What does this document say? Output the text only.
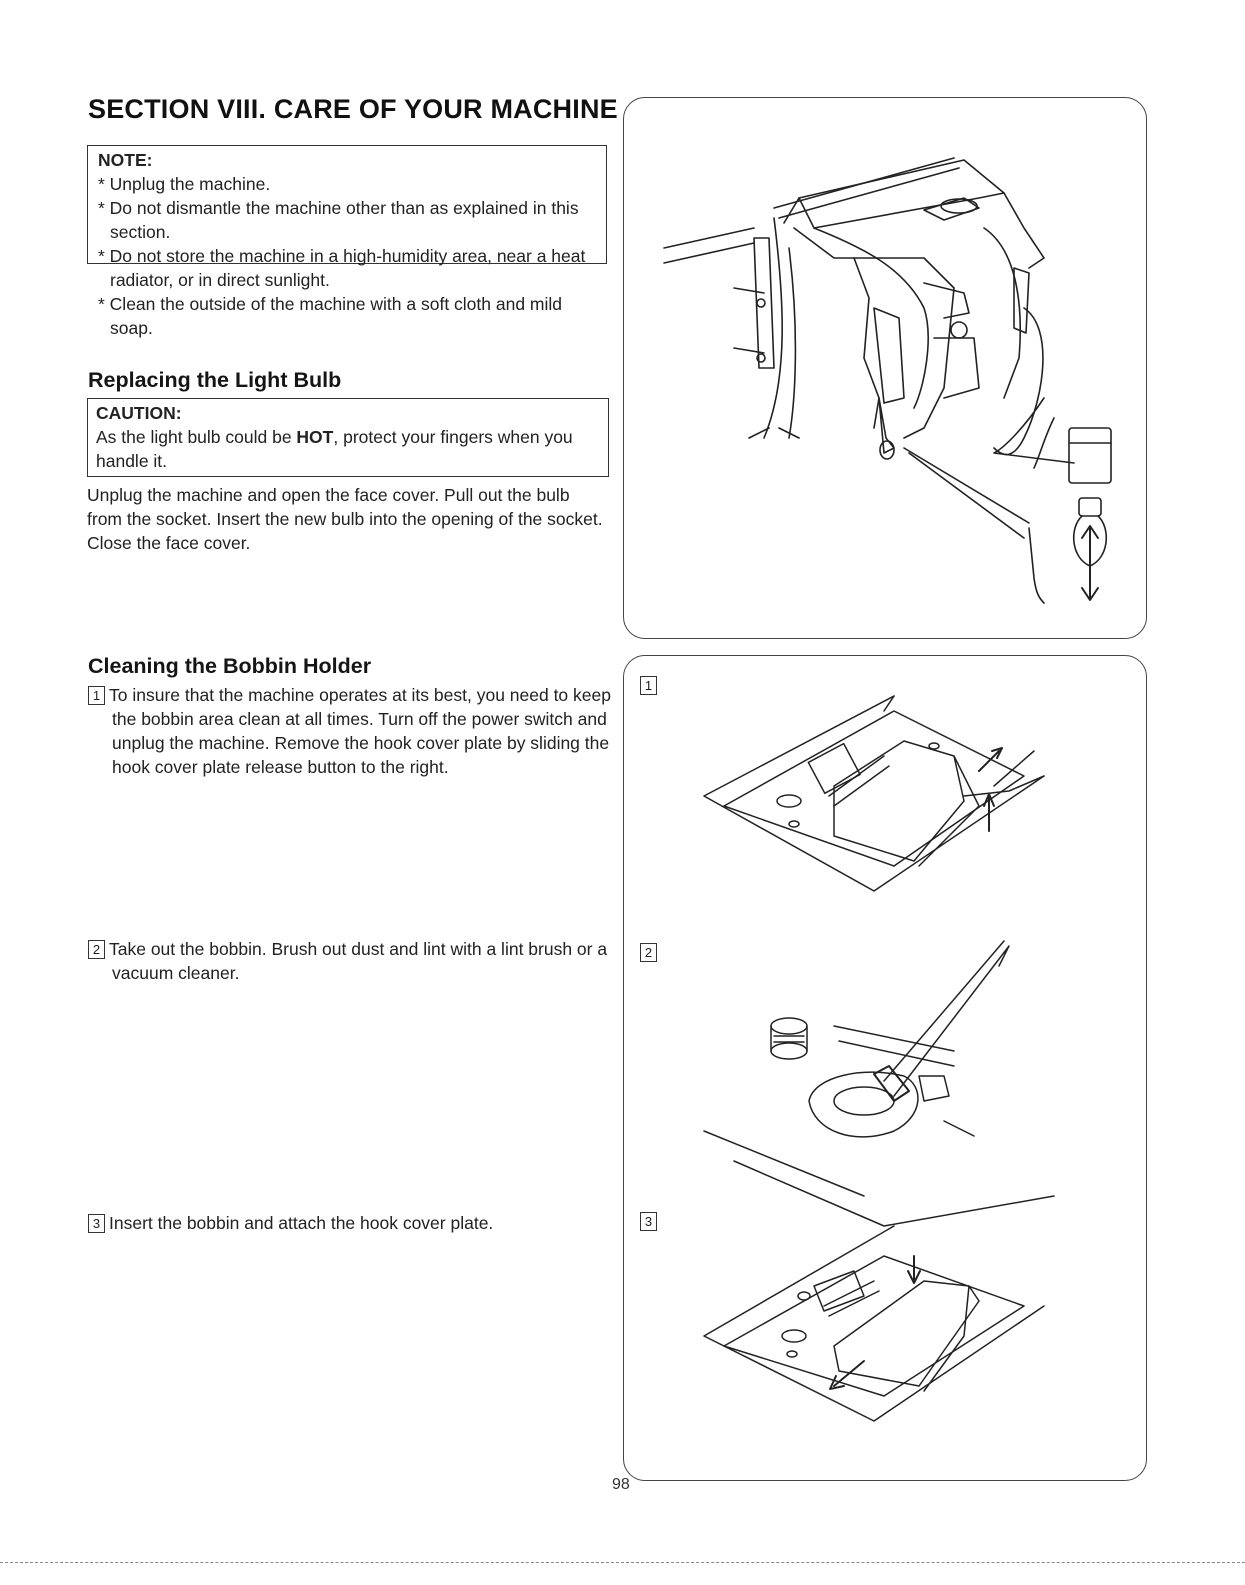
SECTION VIII. CARE OF YOUR MACHINE
NOTE:
* Unplug the machine.
* Do not dismantle the machine other than as explained in this section.
* Do not store the machine in a high-humidity area, near a heat radiator, or in direct sunlight.
* Clean the outside of the machine with a soft cloth and mild soap.
Replacing the Light Bulb
CAUTION:
As the light bulb could be HOT, protect your fingers when you handle it.
Unplug the machine and open the face cover. Pull out the bulb from the socket. Insert the new bulb into the opening of the socket. Close the face cover.
Cleaning the Bobbin Holder
1 To insure that the machine operates at its best, you need to keep the bobbin area clean at all times. Turn off the power switch and unplug the machine. Remove the hook cover plate by sliding the hook cover plate release button to the right.
2 Take out the bobbin. Brush out dust and lint with a lint brush or a vacuum cleaner.
3 Insert the bobbin and attach the hook cover plate.
1
2
3
98
